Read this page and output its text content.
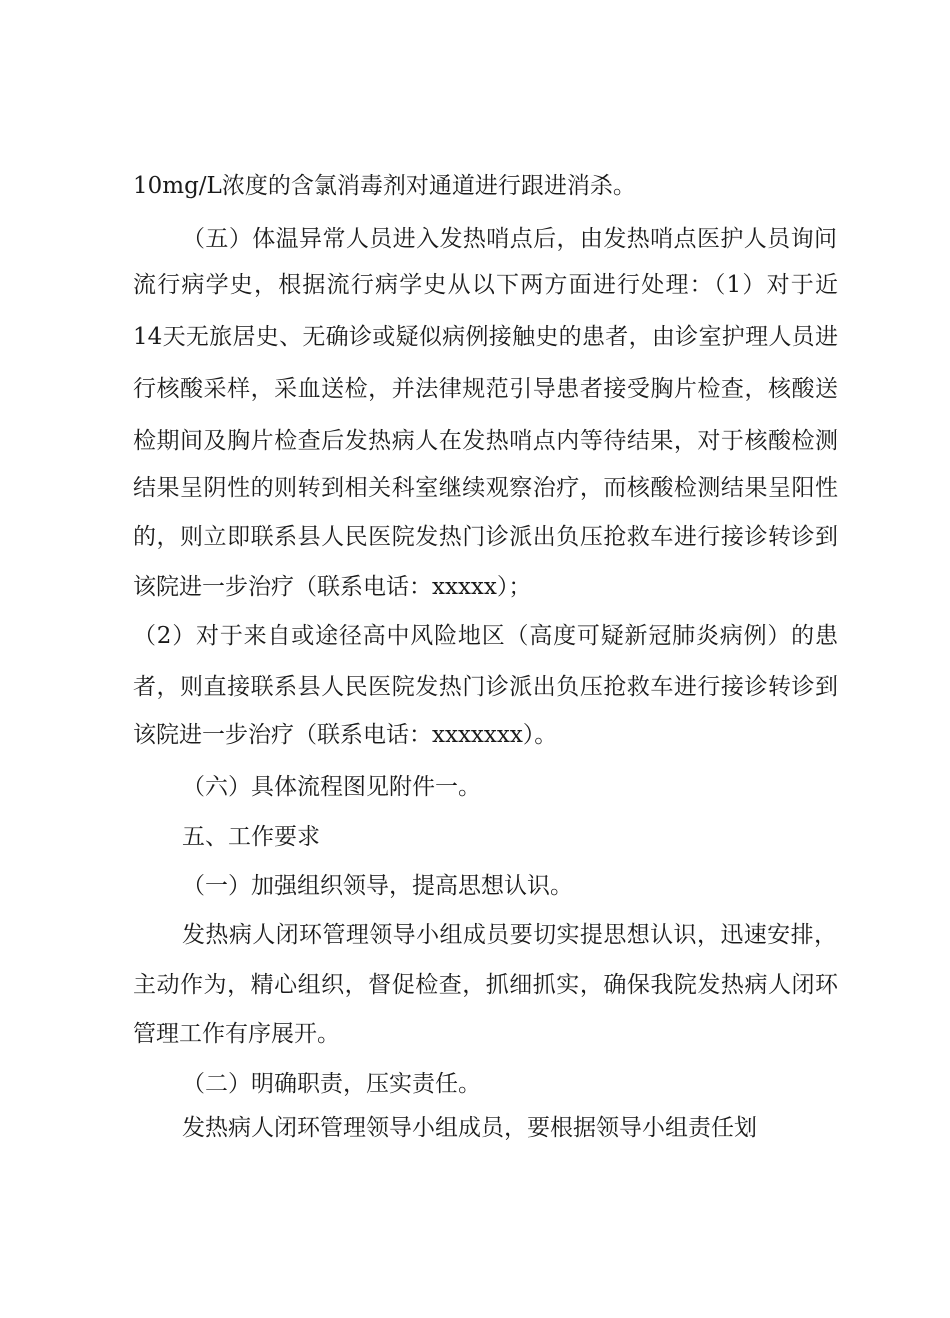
10mg/L浓度的含氯消毒剂对通道进行跟进消杀。
（五）体温异常人员进入发热哨点后，由发热哨点医护人员询问
流行病学史，根据流行病学史从以下两方面进行处理：（1）对于近
14天无旅居史、无确诊或疑似病例接触史的患者，由诊室护理人员进
行核酸采样，采血送检，并法律规范引导患者接受胸片检查，核酸送
检期间及胸片检查后发热病人在发热哨点内等待结果，对于核酸检测
结果呈阴性的则转到相关科室继续观察治疗，而核酸检测结果呈阳性
的，则立即联系县人民医院发热门诊派出负压抢救车进行接诊转诊到
该院进一步治疗（联系电话：xxxxx）；
（2）对于来自或途径高中风险地区（高度可疑新冠肺炎病例）的患
者，则直接联系县人民医院发热门诊派出负压抢救车进行接诊转诊到
该院进一步治疗（联系电话：xxxxxxx）。
（六）具体流程图见附件一。
五、工作要求
（一）加强组织领导，提高思想认识。
发热病人闭环管理领导小组成员要切实提思想认识，迅速安排，
主动作为，精心组织，督促检查，抓细抓实，确保我院发热病人闭环
管理工作有序展开。
（二）明确职责，压实责任。
发热病人闭环管理领导小组成员，要根据领导小组责任划
